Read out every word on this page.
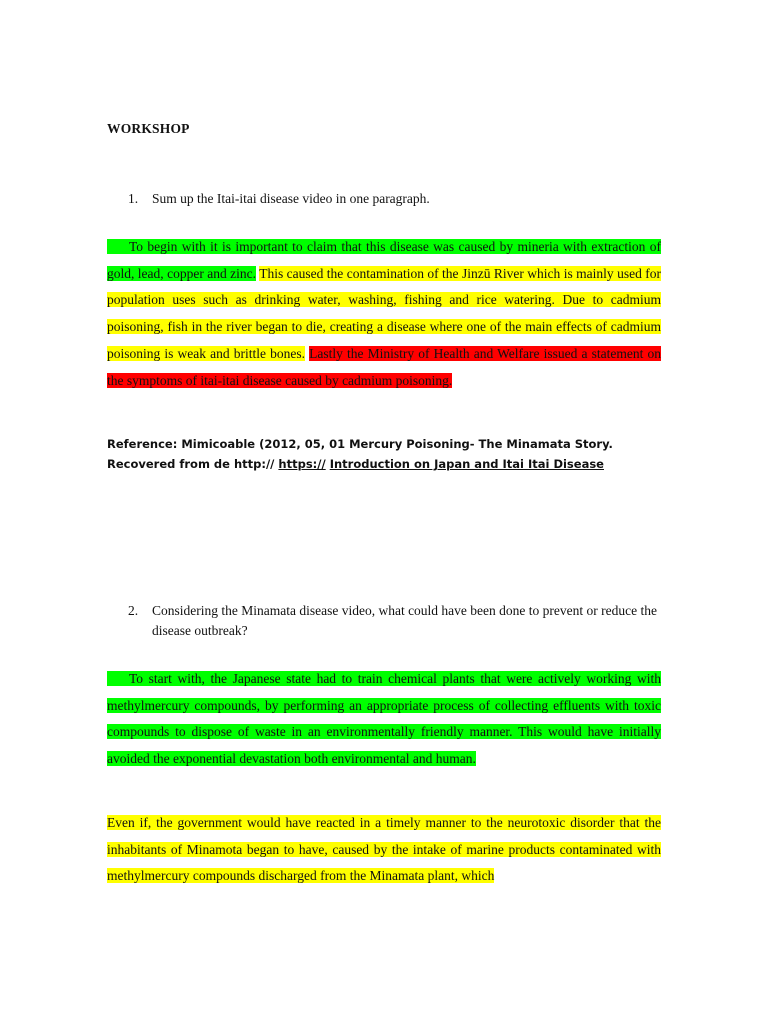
WORKSHOP
1.	Sum up the Itai-itai disease video in one paragraph.

To begin with it is important to claim that this disease was caused by mineria with extraction of gold, lead, copper and zinc. This caused the contamination of the Jinzū River which is mainly used for population uses such as drinking water, washing, fishing and rice watering. Due to cadmium poisoning, fish in the river began to die, creating a disease where one of the main effects of cadmium poisoning is weak and brittle bones. Lastly the Ministry of Health and Welfare issued a statement on the symptoms of itai-itai disease caused by cadmium poisoning.

Reference: Mimicoable (2012, 05, 01 Mercury Poisoning- The Minamata Story. Recovered from de http:// https:// Introduction on Japan and Itai Itai Disease
2.	Considering the Minamata disease video, what could have been done to prevent or reduce the disease outbreak?

To start with, the Japanese state had to train chemical plants that were actively working with methylmercury compounds, by performing an appropriate process of collecting effluents with toxic compounds to dispose of waste in an environmentally friendly manner. This would have initially avoided the exponential devastation both environmental and human.

Even if, the government would have reacted in a timely manner to the neurotoxic disorder that the inhabitants of Minamota began to have, caused by the intake of marine products contaminated with methylmercury compounds discharged from the Minamata plant, which
